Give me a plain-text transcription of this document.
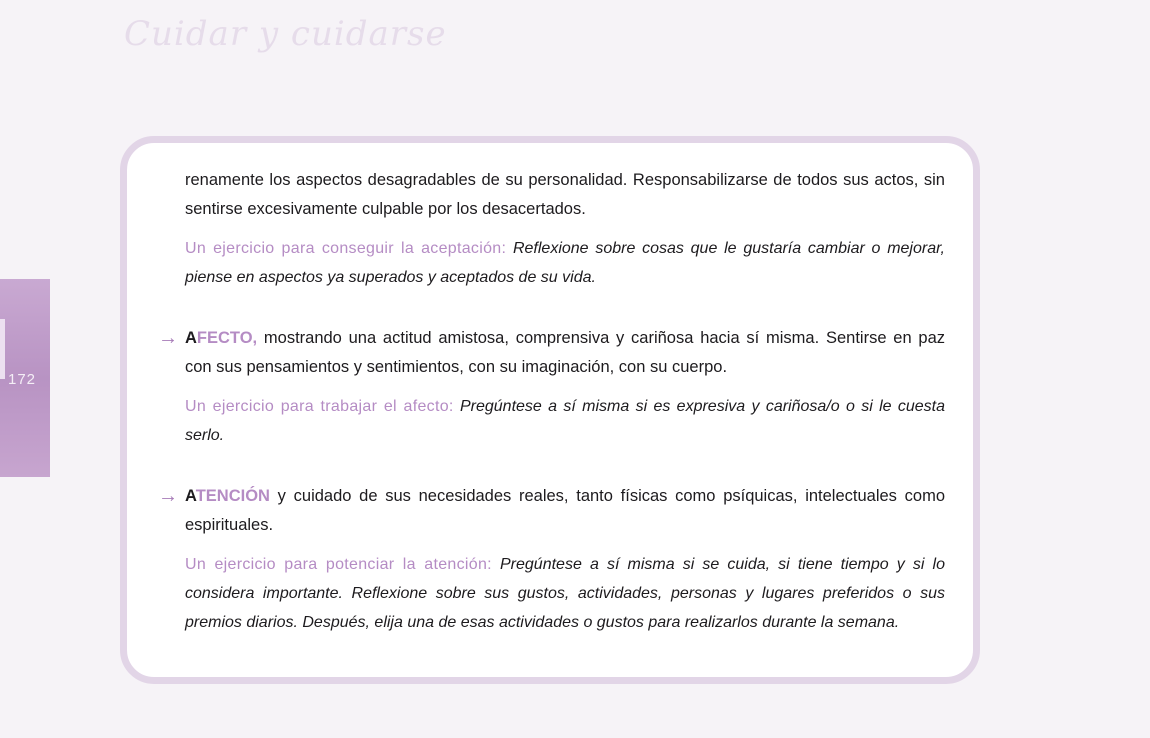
Cuidar y cuidarse
172

renamente los aspectos desagradables de su personalidad. Responsabilizarse de todos sus actos, sin sentirse excesivamente culpable por los desacertados.

Un ejercicio para conseguir la aceptación: Reflexione sobre cosas que le gustaría cambiar o mejorar, piense en aspectos ya superados y aceptados de su vida.

→ AFECTO, mostrando una actitud amistosa, comprensiva y cariñosa hacia sí misma. Sentirse en paz con sus pensamientos y sentimientos, con su imaginación, con su cuerpo.

Un ejercicio para trabajar el afecto: Pregúntese a sí misma si es expresiva y cariñosa/o o si le cuesta serlo.

→ ATENCIÓN y cuidado de sus necesidades reales, tanto físicas como psíquicas, intelectuales como espirituales.

Un ejercicio para potenciar la atención: Pregúntese a sí misma si se cuida, si tiene tiempo y si lo considera importante. Reflexione sobre sus gustos, actividades, personas y lugares preferidos o sus premios diarios. Después, elija una de esas actividades o gustos para realizarlos durante la semana.
